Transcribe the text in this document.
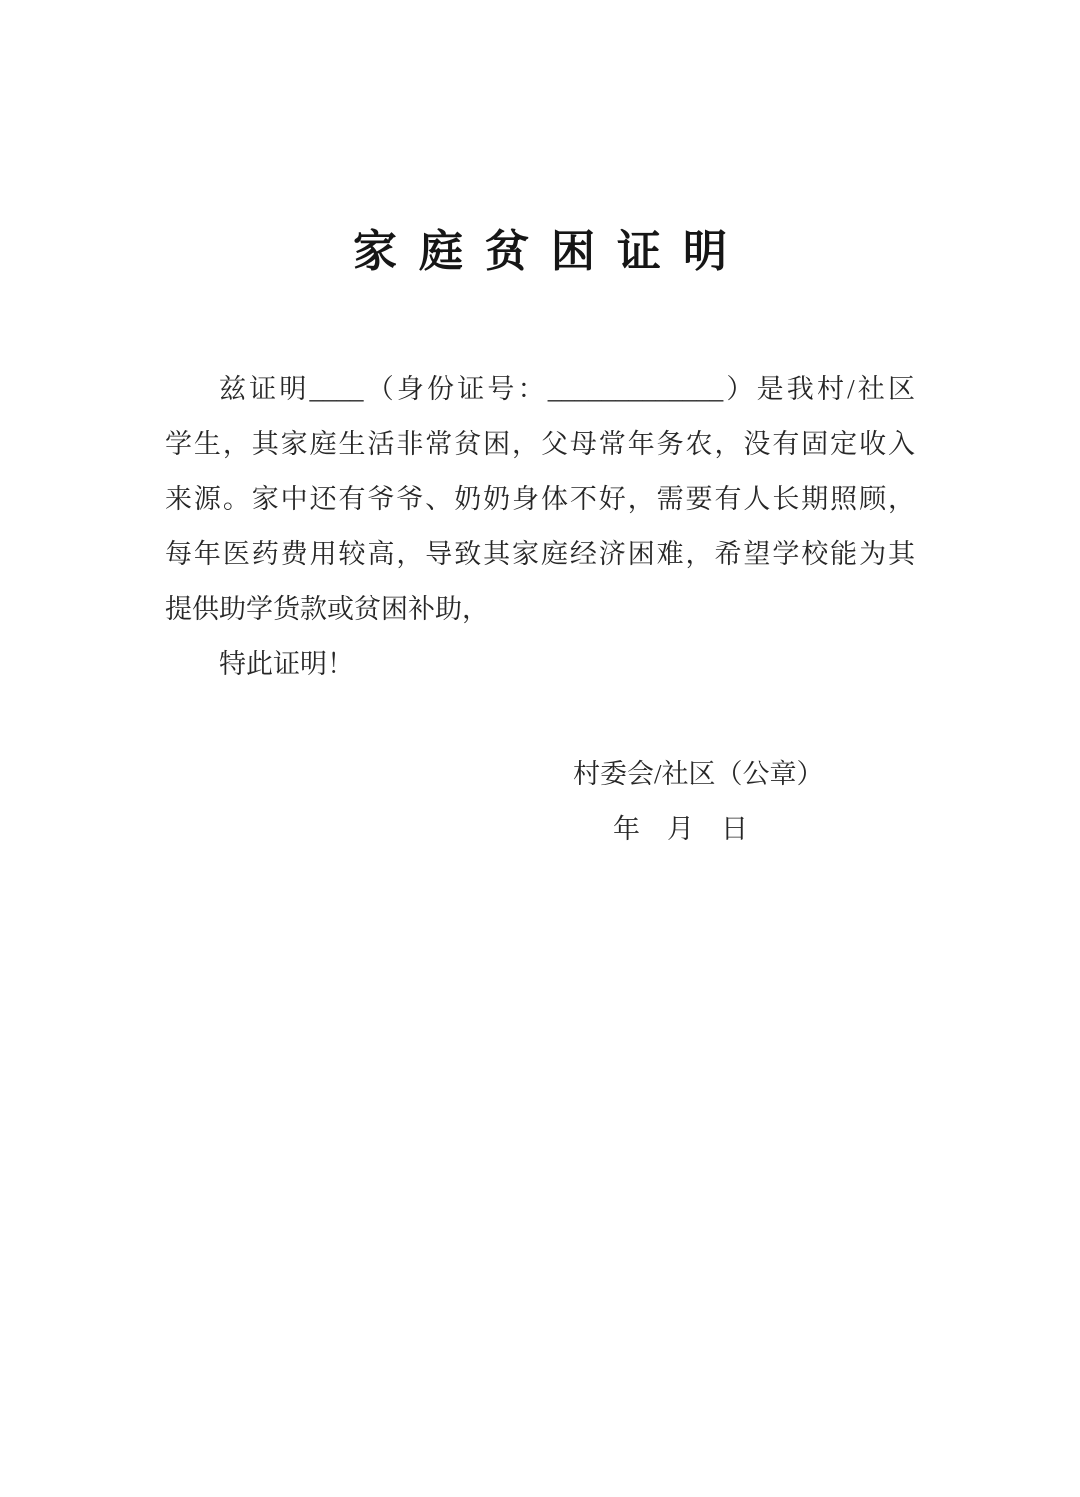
家庭贫困证明

兹证明____（身份证号：_____________）是我村/社区

学生，其家庭生活非常贫困，父母常年务农，没有固定收入

来源。家中还有爷爷、奶奶身体不好，需要有人长期照顾，

每年医药费用较高，导致其家庭经济困难，希望学校能为其

提供助学货款或贫困补助，

特此证明！

村委会/社区（公章）

年　月　日
